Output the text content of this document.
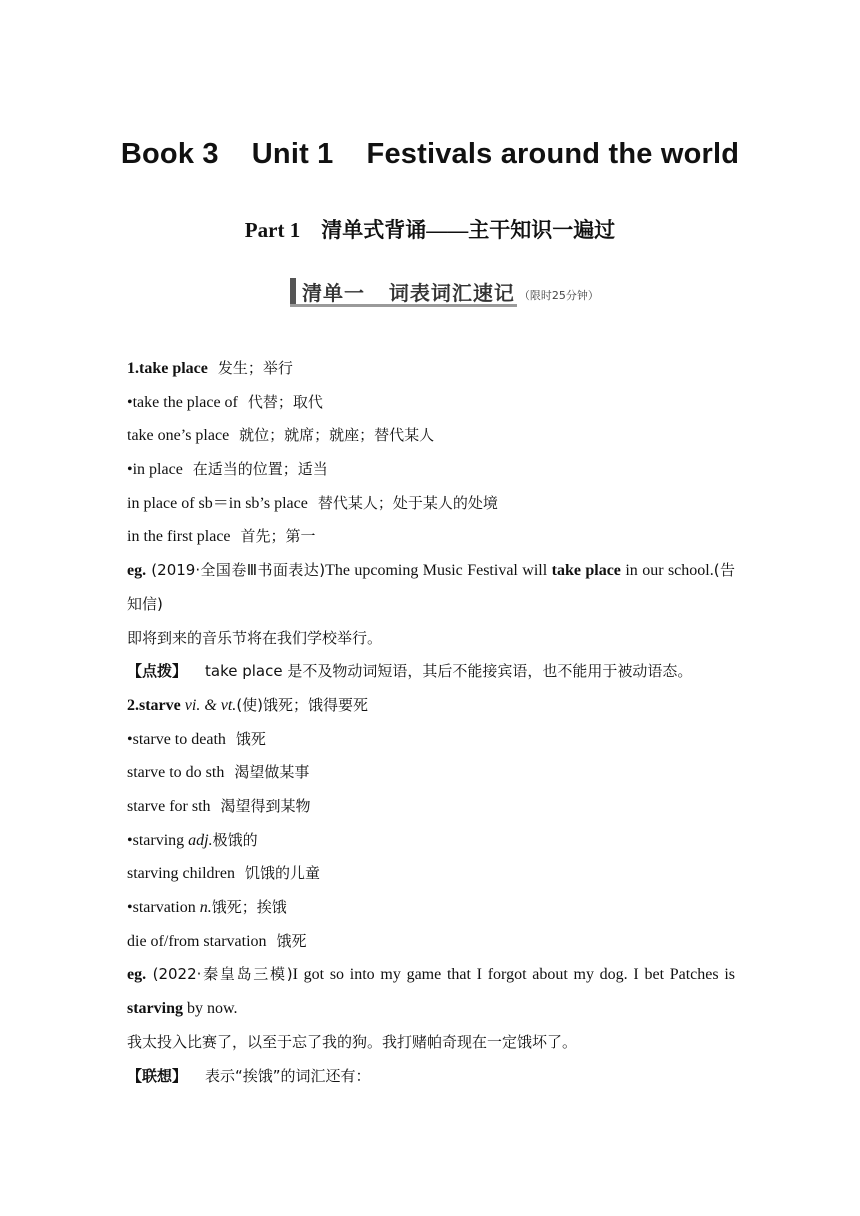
Book 3    Unit 1    Festivals around the world
Part 1    清单式背诵——主干知识一遍过
清单一   词表词汇速记 （限时25分钟）
1.take place 发生；举行
•take the place of 代替；取代
take one’s place 就位；就席；就座；替代某人
•in place 在适当的位置；适当
in place of sb＝in sb’s place 替代某人；处于某人的处境
in the first place 首先；第一
eg. (2019·全国卷Ⅲ书面表达)The upcoming Music Festival will take place in our school.(告知信)
即将到来的音乐节将在我们学校举行。
【点拨】 take place 是不及物动词短语，其后不能接宾语，也不能用于被动语态。
2.starve vi. & vt.(使)饿死；饿得要死
•starve to death 饿死
starve to do sth 渴望做某事
starve for sth 渴望得到某物
•starving adj.极饿的
starving children 饥饿的儿童
•starvation n.饿死；挨饿
die of/from starvation 饿死
eg. (2022·秦皇岛三模)I got so into my game that I forgot about my dog. I bet Patches is starving by now.
我太投入比赛了，以至于忘了我的狗。我打赌帕奇现在一定饿坏了。
【联想】 表示“挨饿”的词汇还有：
